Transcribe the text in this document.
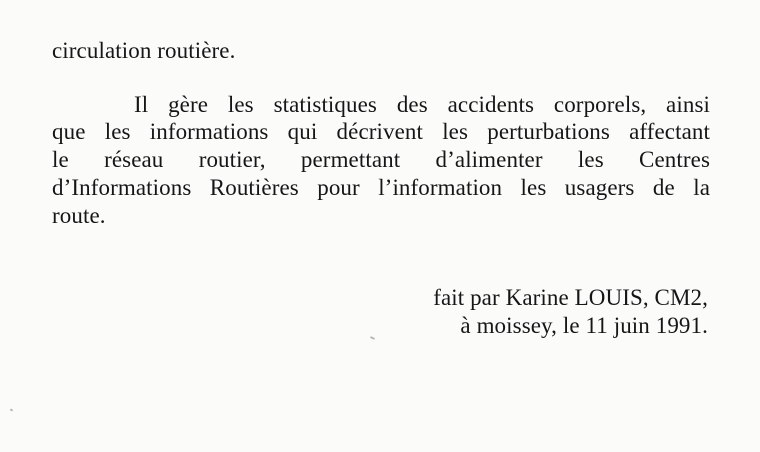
circulation routière.
Il gère les statistiques des accidents corporels, ainsi
que les informations qui décrivent les perturbations affectant
le réseau routier, permettant d’alimenter les Centres
d’Informations Routières pour l’information les usagers de la
route.
fait par Karine LOUIS, CM2,
à moissey, le 11 juin 1991.
